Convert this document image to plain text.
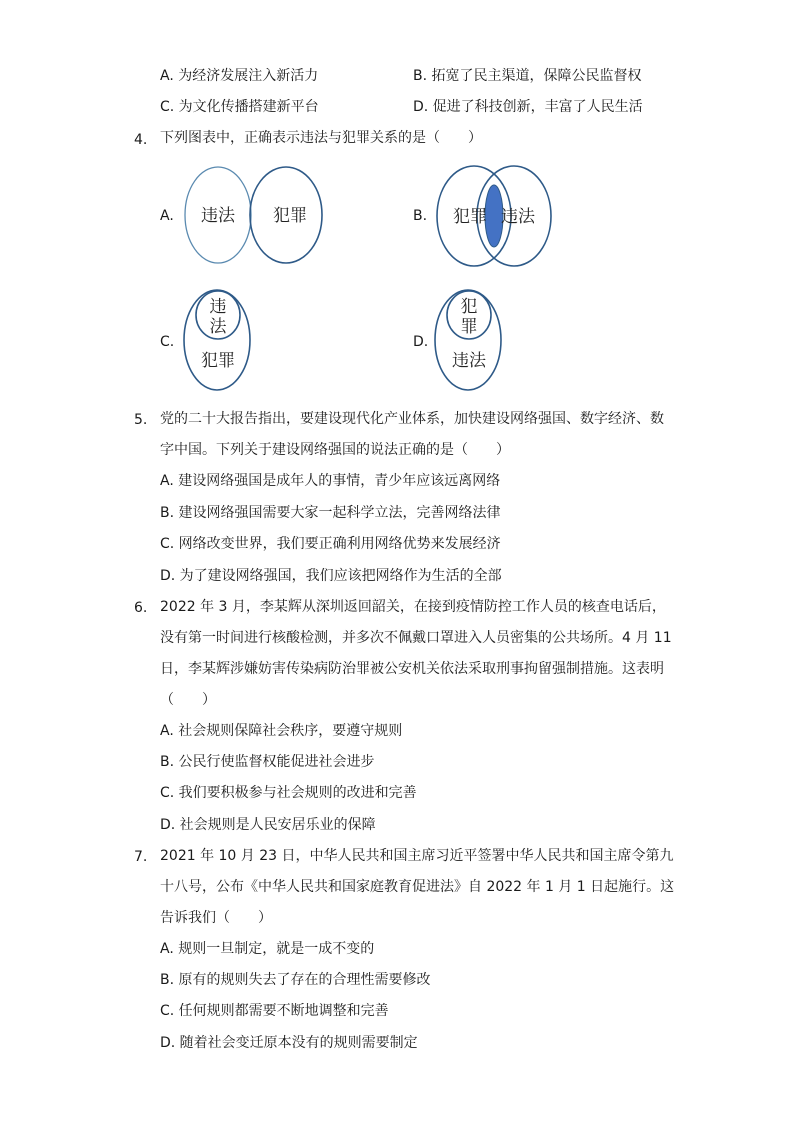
A. 为经济发展注入新活力	B. 拓宽了民主渠道，保障公民监督权
C. 为文化传播搭建新平台	D. 促进了科技创新，丰富了人民生活
4. 下列图表中，正确表示违法与犯罪关系的是（　　）
A. 违法 犯罪	B. 犯罪 违法
C.
违
法
犯罪
D.
犯
罪
违法
5. 党的二十大报告指出，要建设现代化产业体系，加快建设网络强国、数字经济、数
字中国。下列关于建设网络强国的说法正确的是（　　）
A. 建设网络强国是成年人的事情，青少年应该远离网络
B. 建设网络强国需要大家一起科学立法，完善网络法律
C. 网络改变世界，我们要正确利用网络优势来发展经济
D. 为了建设网络强国，我们应该把网络作为生活的全部
6. 2022 年 3 月，李某辉从深圳返回韶关，在接到疫情防控工作人员的核查电话后，
没有第一时间进行核酸检测，并多次不佩戴口罩进入人员密集的公共场所。4 月 11
日，李某辉涉嫌妨害传染病防治罪被公安机关依法采取刑事拘留强制措施。这表明
（　　）
A. 社会规则保障社会秩序，要遵守规则
B. 公民行使监督权能促进社会进步
C. 我们要积极参与社会规则的改进和完善
D. 社会规则是人民安居乐业的保障
7. 2021 年 10 月 23 日，中华人民共和国主席习近平签署中华人民共和国主席令第九
十八号，公布《中华人民共和国家庭教育促进法》自 2022 年 1 月 1 日起施行。这
告诉我们（　　）
A. 规则一旦制定，就是一成不变的
B. 原有的规则失去了存在的合理性需要修改
C. 任何规则都需要不断地调整和完善
D. 随着社会变迁原本没有的规则需要制定
